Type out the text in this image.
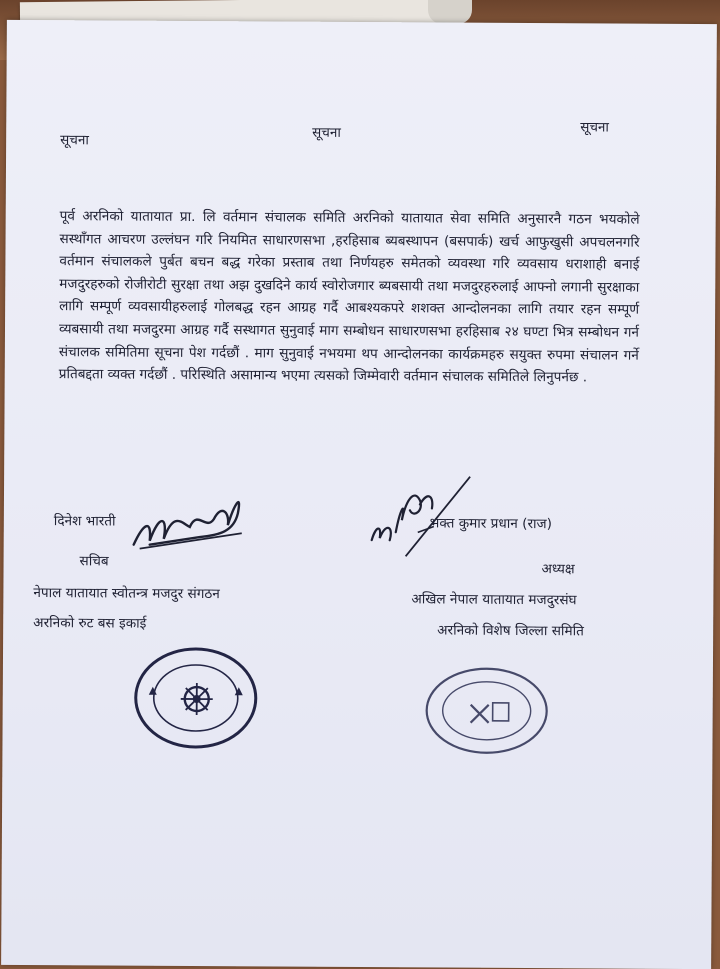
सूचना	सूचना	सूचना
पूर्व अरनिको यातायात प्रा. लि वर्तमान संचालक समिति अरनिको यातायात सेवा समिति अनुसारनै गठन भयकोले सस्थाँगत आचरण उल्लंघन गरि नियमित साधारणसभा ,हरहिसाब ब्यबस्थापन (बसपार्क) खर्च आफुखुसी अपचलनगरि वर्तमान संचालकले पुर्बत बचन बद्ध गरेका प्रस्ताब तथा निर्णयहरु समेतको व्यवस्था गरि व्यवसाय धराशाही बनाई मजदुरहरुको रोजीरोटी सुरक्षा तथा अझ दुखदिने कार्य स्वोरोजगार ब्यबसायी तथा मजदुरहरुलाई आफ्नो लगानी सुरक्षाका लागि सम्पूर्ण व्यवसायीहरुलाई गोलबद्ध रहन आग्रह गर्दै आबश्यकपरे शशक्त आन्दोलनका लागि तयार रहन सम्पूर्ण व्यबसायी तथा मजदुरमा आग्रह गर्दै सस्थागत सुनुवाई माग सम्बोधन साधारणसभा हरहिसाब २४ घण्टा भित्र सम्बोधन गर्न संचालक समितिमा सूचना पेश गर्दछौं . माग सुनुवाई नभयमा थप आन्दोलनका कार्यक्रमहरु सयुक्त रुपमा संचालन गर्ने प्रतिबद्दता व्यक्त गर्दछौं . परिस्थिति असामान्य भएमा त्यसको जिम्मेवारी वर्तमान संचालक समितिले लिनुपर्नछ .
दिनेश भारती
सचिब
नेपाल यातायात स्वोतन्त्र मजदुर संगठन
अरनिको रुट बस इकाई
भक्त कुमार प्रधान (राज)
अध्यक्ष
अखिल नेपाल यातायात मजदुरसंघ
अरनिको विशेष जिल्ला समिति
